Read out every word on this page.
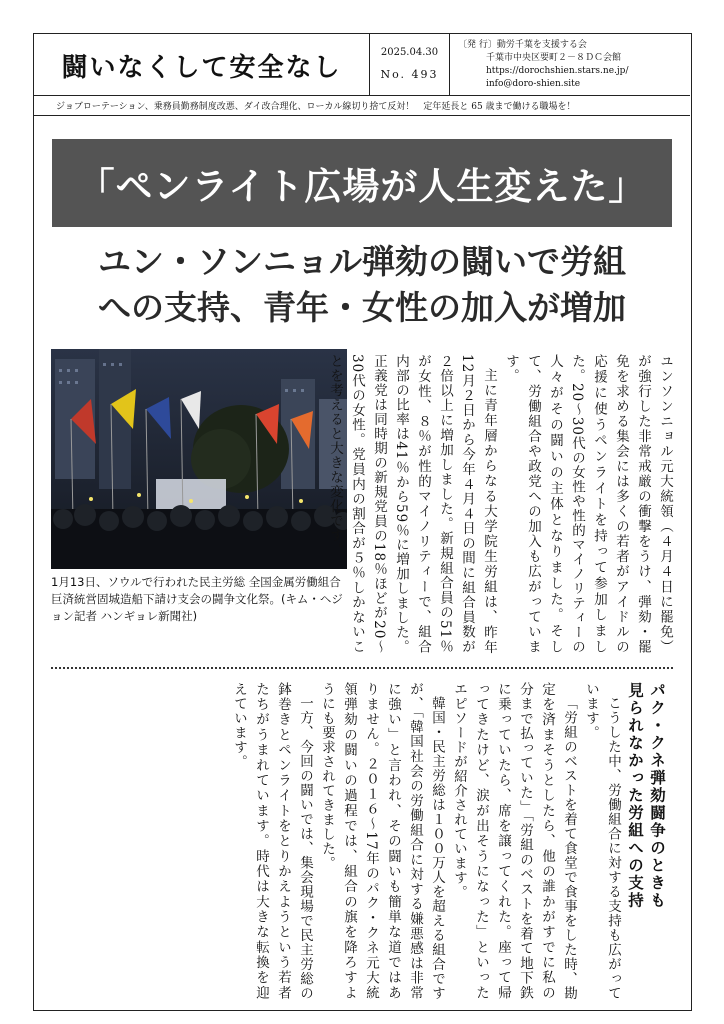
闘いなくして安全なし	2025.04.30
No. 493
〔発 行〕動労千葉を支援する会

千葉市中央区要町２－８ＤＣ会館
https://dorochshien.stars.ne.jp/
info@doro-shien.site
ジョブローテーション、乗務員勤務制度改悪、ダイ改合理化、ローカル線切り捨て反対！　定年延長と 65 歳まで働ける職場を！
「ペンライト広場が人生変えた」
ユン・ソンニョル弾劾の闘いで労組
への支持、青年・女性の加入が増加
1月13日、ソウルで行われた民主労総 全国金属労働組合 巨済統営固城造船下請け支会の闘争文化祭。(キム・ヘジョン記者 ハンギョレ新聞社)	ユンソンニョル元大統領（４月４日に罷免）が強行した非常戒厳の衝撃をうけ、弾劾・罷免を求める集会には多くの若者がアイドルの応援に使うペンライトを持って参加しました。20～30代の女性や性的マイノリティーの人々がその闘いの主体となりました。そして、労働組合や政党への加入も広がっています。

主に青年層からなる大学院生労組は、昨年12月２日から今年４月４日の間に組合員数が２倍以上に増加しました。新規組合員の51％が女性、８％が性的マイノリティーで、組合内部の比率は41％から59％に増加しました。正義党は同時期の新規党員の18％ほどが20～30代の女性。党員内の割合が５％しかないことを考えると大きな変化です。

パク・クネ弾劾闘争のときも
見られなかった労組への支持

こうした中、労働組合に対する支持も広がっています。

「労組のベストを着て食堂で食事をした時、勘定を済まそうとしたら、他の誰かがすでに私の分まで払っていた」「労組のベストを着て地下鉄に乗っていたら、席を譲ってくれた。座って帰ってきたけど、涙が出そうになった」といったエピソードが紹介されています。

韓国・民主労総は１００万人を超える組合ですが、「韓国社会の労働組合に対する嫌悪感は非常に強い」と言われ、その闘いも簡単な道ではありません。２０１６～17年のパク・クネ元大統領弾劾の闘いの過程では、組合の旗を降ろすようにも要求されてきました。

一方、今回の闘いでは、集会現場で民主労総の鉢巻きとペンライトをとりかえようという若者たちがうまれています。時代は大きな転換を迎えています。
